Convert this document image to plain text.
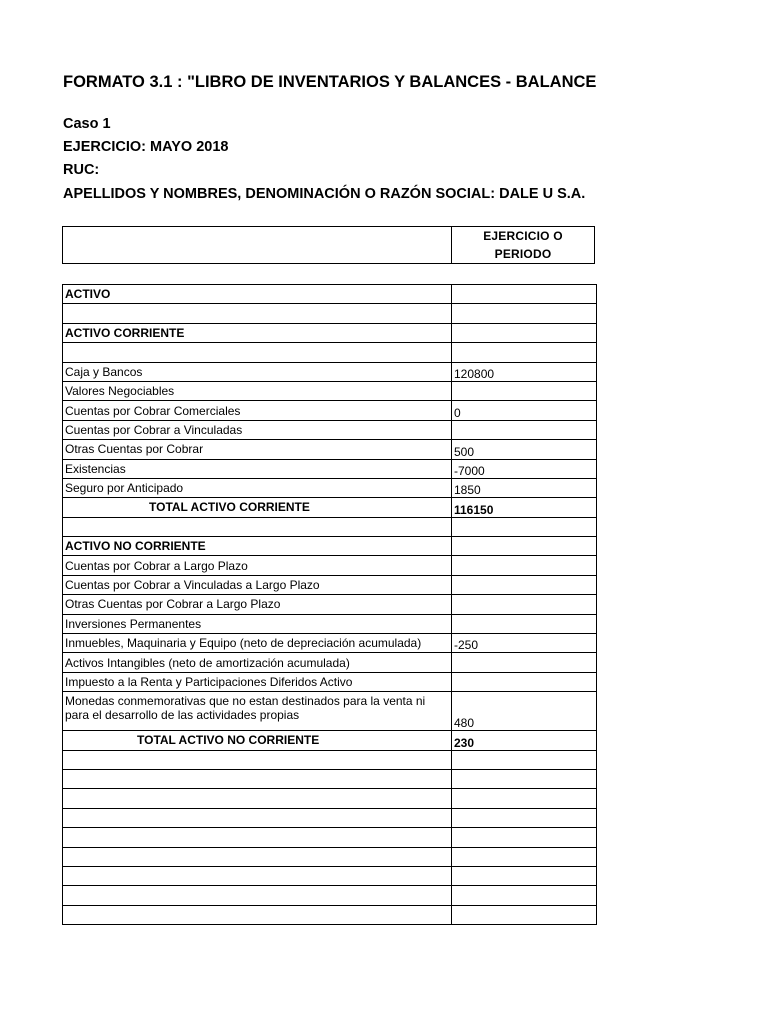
FORMATO 3.1 : "LIBRO DE INVENTARIOS Y BALANCES - BALANCE
Caso 1
EJERCICIO: MAYO 2018
RUC:
APELLIDOS Y NOMBRES, DENOMINACIÓN O RAZÓN SOCIAL: DALE U S.A.
EJERCICIO O
PERIODO
ACTIVO	

ACTIVO CORRIENTE	

Caja y Bancos	120800
Valores Negociables	
Cuentas por Cobrar Comerciales	0
Cuentas por Cobrar a Vinculadas	
Otras Cuentas por Cobrar	500
Existencias	-7000
Seguro por Anticipado	1850
TOTAL ACTIVO CORRIENTE	116150

ACTIVO NO CORRIENTE	
Cuentas por Cobrar a Largo Plazo	
Cuentas por Cobrar a Vinculadas a Largo Plazo	
Otras Cuentas por Cobrar a Largo Plazo	
Inversiones Permanentes	
Inmuebles, Maquinaria y Equipo (neto de depreciación acumulada)	-250
Activos Intangibles (neto de amortización acumulada)	
Impuesto a la Renta y Participaciones Diferidos Activo	
Monedas conmemorativas que no estan destinados para la venta ni para el desarrollo de las actividades propias	480
TOTAL ACTIVO NO CORRIENTE	230
